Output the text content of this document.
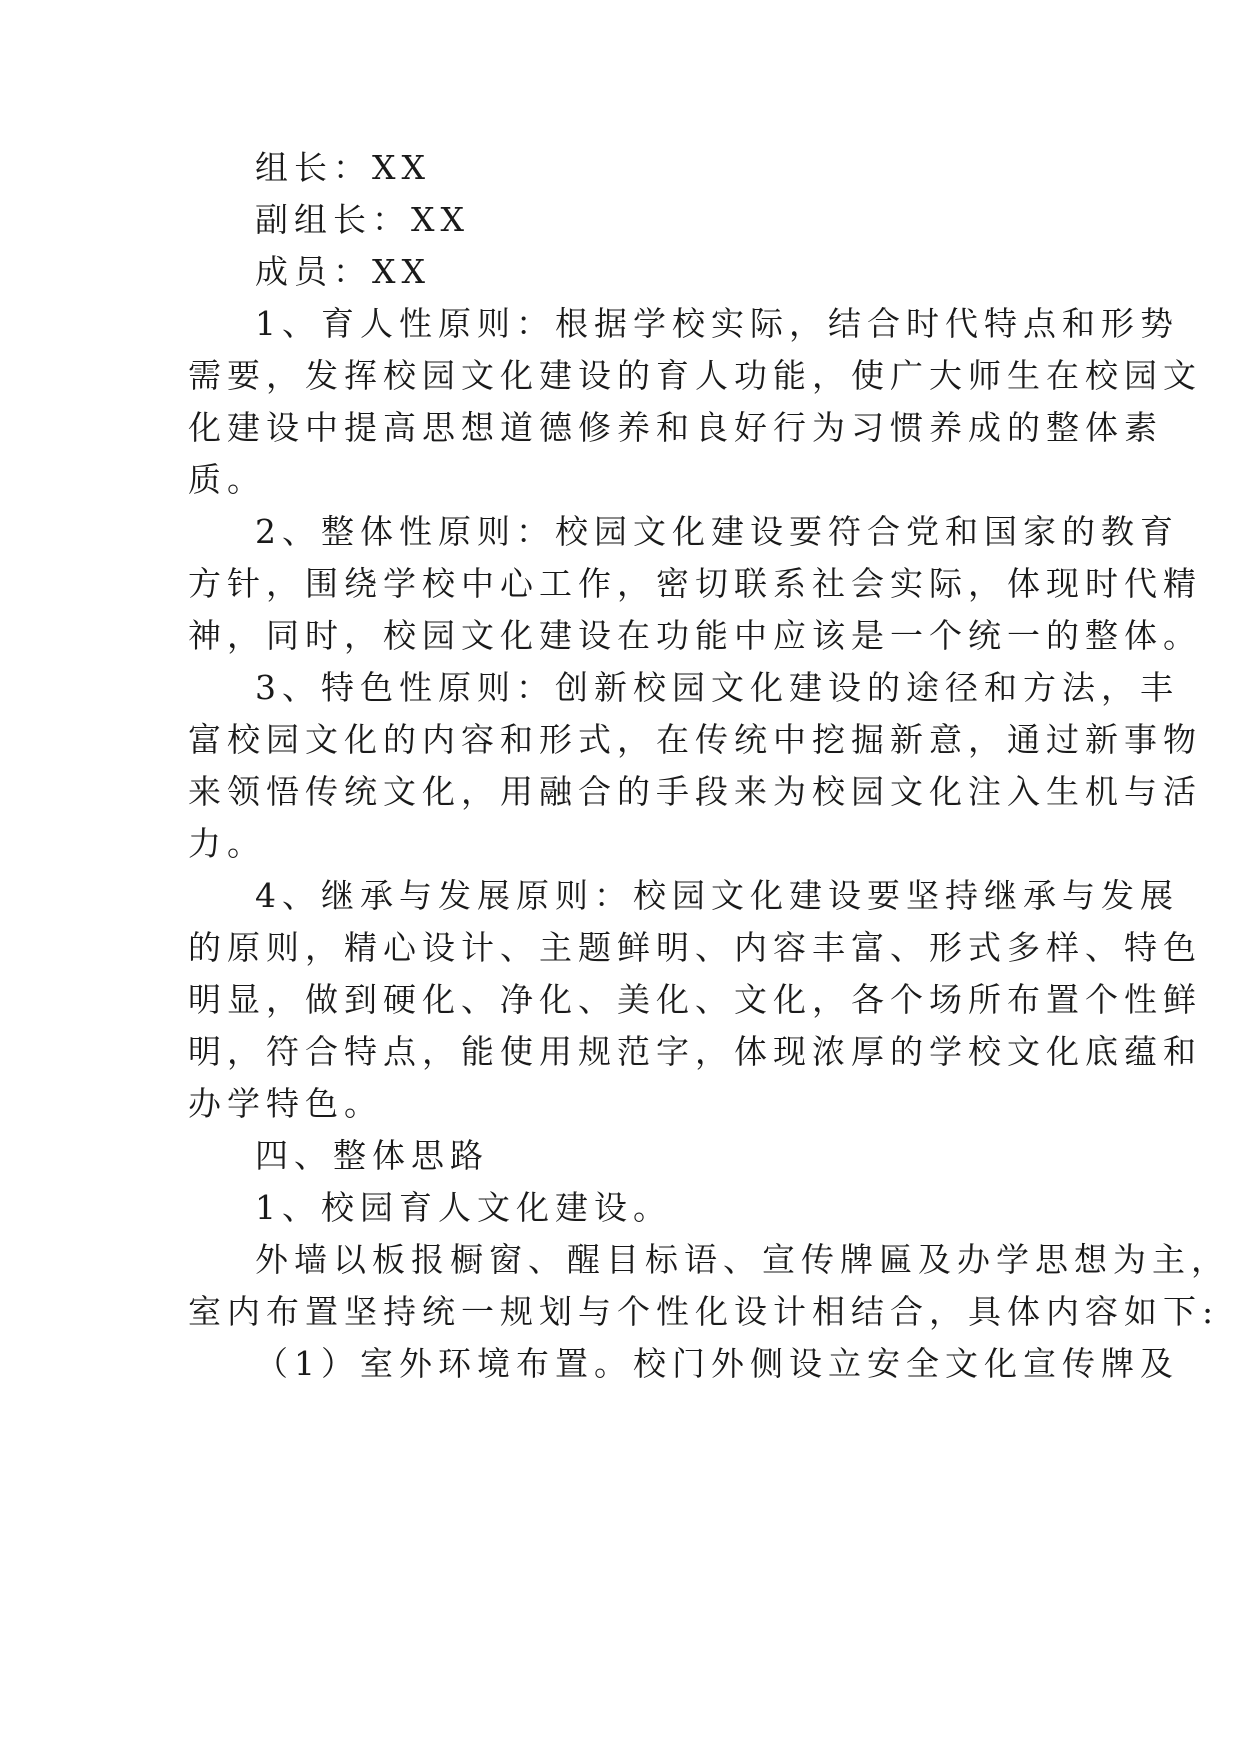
组长：XX
副组长：XX
成员：XX
1、育人性原则：根据学校实际，结合时代特点和形势
需要，发挥校园文化建设的育人功能，使广大师生在校园文
化建设中提高思想道德修养和良好行为习惯养成的整体素
质。
2、整体性原则：校园文化建设要符合党和国家的教育
方针，围绕学校中心工作，密切联系社会实际，体现时代精
神，同时，校园文化建设在功能中应该是一个统一的整体。
3、特色性原则：创新校园文化建设的途径和方法，丰
富校园文化的内容和形式，在传统中挖掘新意，通过新事物
来领悟传统文化，用融合的手段来为校园文化注入生机与活
力。
4、继承与发展原则：校园文化建设要坚持继承与发展
的原则，精心设计、主题鲜明、内容丰富、形式多样、特色
明显，做到硬化、净化、美化、文化，各个场所布置个性鲜
明，符合特点，能使用规范字，体现浓厚的学校文化底蕴和
办学特色。
四、整体思路
1、校园育人文化建设。
外墙以板报橱窗、醒目标语、宣传牌匾及办学思想为主，
室内布置坚持统一规划与个性化设计相结合，具体内容如下:
（1）室外环境布置。校门外侧设立安全文化宣传牌及
